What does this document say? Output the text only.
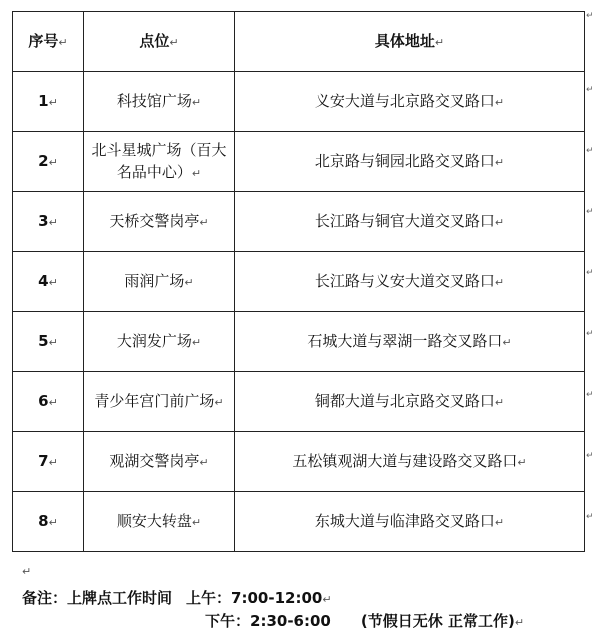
序号↵	点位↵	具体地址↵
1↵	科技馆广场↵	义安大道与北京路交叉路口↵
2↵	北斗星城广场（百大名品中心）↵	北京路与铜园北路交叉路口↵
3↵	天桥交警岗亭↵	长江路与铜官大道交叉路口↵
4↵	雨润广场↵	长江路与义安大道交叉路口↵
5↵	大润发广场↵	石城大道与翠湖一路交叉路口↵
6↵	青少年宫门前广场↵	铜都大道与北京路交叉路口↵
7↵	观湖交警岗亭↵	五松镇观湖大道与建设路交叉路口↵
8↵	顺安大转盘↵	东城大道与临津路交叉路口↵
↵
↵
↵
↵
↵
↵
↵
↵
↵
↵
备注：上牌点工作时间 上午：7:00-12:00↵
下午：2:30-6:00 (节假日无休 正常工作)↵
